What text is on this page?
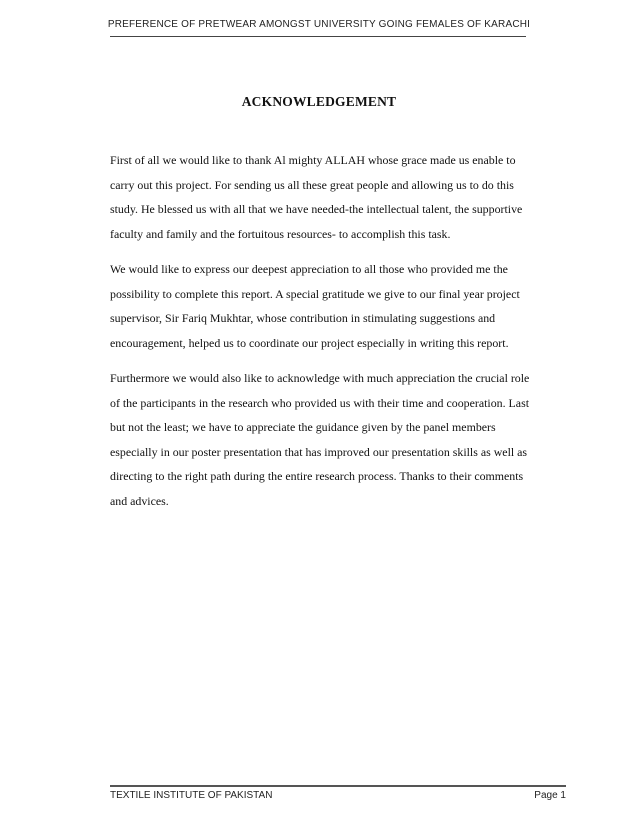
PREFERENCE OF PRETWEAR AMONGST UNIVERSITY GOING FEMALES OF KARACHI
ACKNOWLEDGEMENT

First of all we would like to thank Al mighty ALLAH whose grace made us enable to
carry out this project. For sending us all these great people and allowing us to do this
study. He blessed us with all that we have needed-the intellectual talent, the supportive
faculty and family and the fortuitous resources- to accomplish this task.

We would like to express our deepest appreciation to all those who provided me the
possibility to complete this report. A special gratitude we give to our final year project
supervisor, Sir Fariq Mukhtar, whose contribution in stimulating suggestions and
encouragement, helped us to coordinate our project especially in writing this report.

Furthermore we would also like to acknowledge with much appreciation the crucial role
of the participants in the research who provided us with their time and cooperation. Last
but not the least; we have to appreciate the guidance given by the panel members
especially in our poster presentation that has improved our presentation skills as well as
directing to the right path during the entire research process. Thanks to their comments
and advices.

TEXTILE INSTITUTE OF PAKISTAN	Page 1
